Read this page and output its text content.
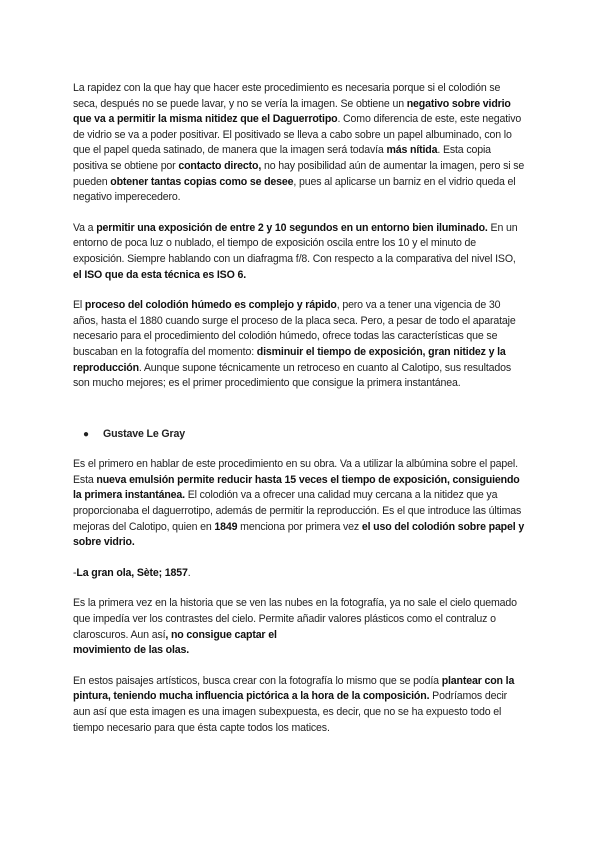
La rapidez con la que hay que hacer este procedimiento es necesaria porque si el colodión se seca, después no se puede lavar, y no se vería la imagen. Se obtiene un negativo sobre vidrio que va a permitir la misma nitidez que el Daguerrotipo. Como diferencia de este, este negativo de vidrio se va a poder positivar. El positivado se lleva a cabo sobre un papel albuminado, con lo que el papel queda satinado, de manera que la imagen será todavía más nítida. Esta copia positiva se obtiene por contacto directo, no hay posibilidad aún de aumentar la imagen, pero si se pueden obtener tantas copias como se desee, pues al aplicarse un barniz en el vidrio queda el negativo imperecedero.

Va a permitir una exposición de entre 2 y 10 segundos en un entorno bien iluminado. En un entorno de poca luz o nublado, el tiempo de exposición oscila entre los 10 y el minuto de exposición. Siempre hablando con un diafragma f/8. Con respecto a la comparativa del nivel ISO, el ISO que da esta técnica es ISO 6.

El proceso del colodión húmedo es complejo y rápido, pero va a tener una vigencia de 30 años, hasta el 1880 cuando surge el proceso de la placa seca. Pero, a pesar de todo el aparataje necesario para el procedimiento del colodión húmedo, ofrece todas las características que se buscaban en la fotografía del momento: disminuir el tiempo de exposición, gran nitidez y la reproducción. Aunque supone técnicamente un retroceso en cuanto al Calotipo, sus resultados son mucho mejores; es el primer procedimiento que consigue la primera instantánea.

●	Gustave Le Gray

Es el primero en hablar de este procedimiento en su obra. Va a utilizar la albúmina sobre el papel. Esta nueva emulsión permite reducir hasta 15 veces el tiempo de exposición, consiguiendo la primera instantánea. El colodión va a ofrecer una calidad muy cercana a la nitidez que ya proporcionaba el daguerrotipo, además de permitir la reproducción. Es el que introduce las últimas mejoras del Calotipo, quien en 1849 menciona por primera vez el uso del colodión sobre papel y sobre vidrio.

-La gran ola, Sète; 1857.

Es la primera vez en la historia que se ven las nubes en la fotografía, ya no sale el cielo quemado que impedía ver los contrastes del cielo. Permite añadir valores plásticos como el contraluz o claroscuros. Aun así, no consigue captar el
movimiento de las olas.

En estos paisajes artísticos, busca crear con la fotografía lo mismo que se podía plantear con la pintura, teniendo mucha influencia pictórica a la hora de la composición. Podríamos decir aun así que esta imagen es una imagen subexpuesta, es decir, que no se ha expuesto todo el tiempo necesario para que ésta capte todos los matices.
